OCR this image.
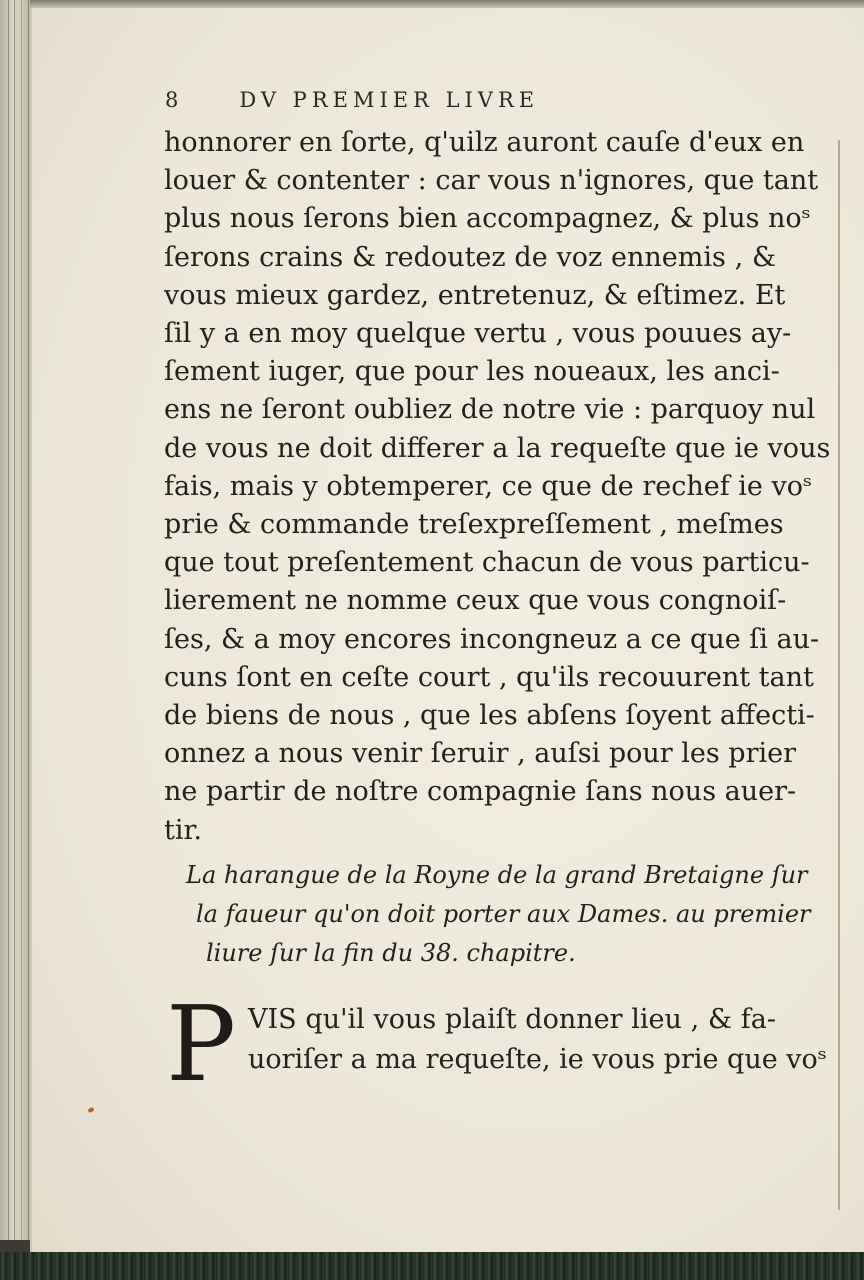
8	DV PREMIER LIVRE
honnorer en ſorte, q'uilz auront cauſe d'eux en
louer & contenter : car vous n'ignores, que tant
plus nous ſerons bien accompagnez, & plus noˢ
ſerons crains & redoutez de voz ennemis , &
vous mieux gardez, entretenuz, & eſtimez. Et
ſil y a en moy quelque vertu , vous pouues ay-
ſement iuger, que pour les noueaux, les anci-
ens ne ſeront oubliez de notre vie : parquoy nul
de vous ne doit differer a la requeſte que ie vous
fais, mais y obtemperer, ce que de rechef ie voˢ
prie & commande treſexpreſſement , meſmes
que tout preſentement chacun de vous particu-
lierement ne nomme ceux que vous congnoiſ-
ſes, & a moy encores incongneuz a ce que ſi au-
cuns ſont en ceſte court , qu'ils recouurent tant
de biens de nous , que les abſens ſoyent affecti-
onnez a nous venir ſeruir , auſsi pour les prier
ne partir de noſtre compagnie ſans nous auer-
tir.
La harangue de la Royne de la grand Bretaigne ſur
la faueur qu'on doit porter aux Dames. au premier
liure ſur la fin du 38. chapitre.
P VIS qu'il vous plaiſt donner lieu , & fa-
uoriſer a ma requeſte, ie vous prie que voˢ
